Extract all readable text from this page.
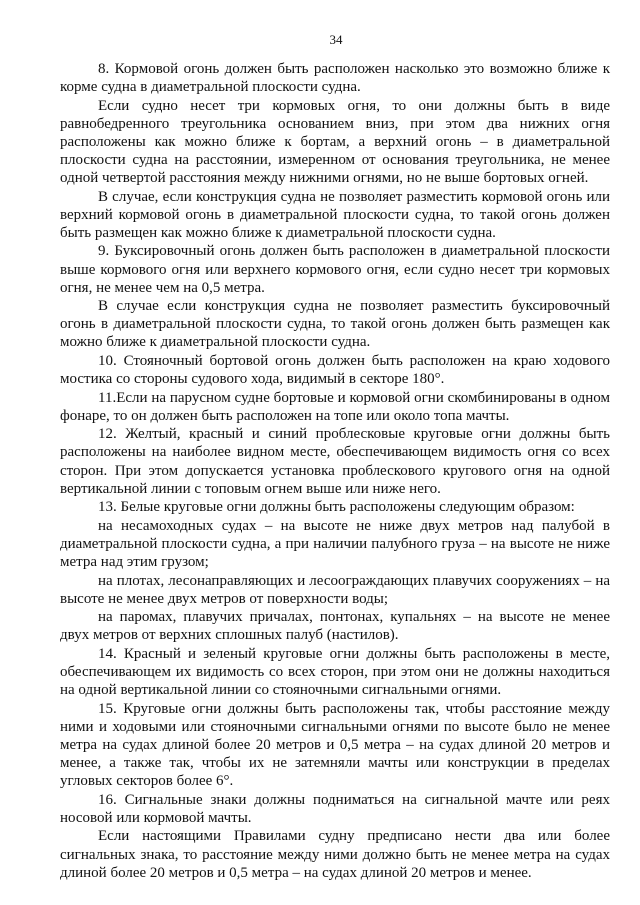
34

8. Кормовой огонь должен быть расположен насколько это возможно ближе к корме судна в диаметральной плоскости судна.

Если судно несет три кормовых огня, то они должны быть в виде равнобедренного треугольника основанием вниз, при этом два нижних огня расположены как можно ближе к бортам, а верхний огонь – в диаметральной плоскости судна на расстоянии, измеренном от основания треугольника, не менее одной четвертой расстояния между нижними огнями, но не выше бортовых огней.

В случае, если конструкция судна не позволяет разместить кормовой огонь или верхний кормовой огонь в диаметральной плоскости судна, то такой огонь должен быть размещен как можно ближе к диаметральной плоскости судна.

9. Буксировочный огонь должен быть расположен в диаметральной плоскости выше кормового огня или верхнего кормового огня, если судно несет три кормовых огня, не менее чем на 0,5 метра.

В случае если конструкция судна не позволяет разместить буксировочный огонь в диаметральной плоскости судна, то такой огонь должен быть размещен как можно ближе к диаметральной плоскости судна.

10. Стояночный бортовой огонь должен быть расположен на краю ходового мостика со стороны судового хода, видимый в секторе 180°.

11.Если на парусном судне бортовые и кормовой огни скомбинированы в одном фонаре, то он должен быть расположен на топе или около топа мачты.

12. Желтый, красный и синий проблесковые круговые огни должны быть расположены на наиболее видном месте, обеспечивающем видимость огня со всех сторон. При этом допускается установка проблескового кругового огня на одной вертикальной линии с топовым огнем выше или ниже него.

13. Белые круговые огни должны быть расположены следующим образом:

на несамоходных судах – на высоте не ниже двух метров над палубой в диаметральной плоскости судна, а при наличии палубного груза – на высоте не ниже метра над этим грузом;

на плотах, лесонаправляющих и лесоограждающих плавучих сооружениях – на высоте не менее двух метров от поверхности воды;

на паромах, плавучих причалах, понтонах, купальнях – на высоте не менее двух метров от верхних сплошных палуб (настилов).

14. Красный и зеленый круговые огни должны быть расположены в месте, обеспечивающем их видимость со всех сторон, при этом они не должны находиться на одной вертикальной линии со стояночными сигнальными огнями.

15. Круговые огни должны быть расположены так, чтобы расстояние между ними и ходовыми или стояночными сигнальными огнями по высоте было не менее метра на судах длиной более 20 метров и 0,5 метра – на судах длиной 20 метров и менее, а также так, чтобы их не затемняли мачты или конструкции в пределах угловых секторов более 6°.

16. Сигнальные знаки должны подниматься на сигнальной мачте или реях носовой или кормовой мачты.

Если настоящими Правилами судну предписано нести два или более сигнальных знака, то расстояние между ними должно быть не менее метра на судах длиной более 20 метров и 0,5 метра – на судах длиной 20 метров и менее.
